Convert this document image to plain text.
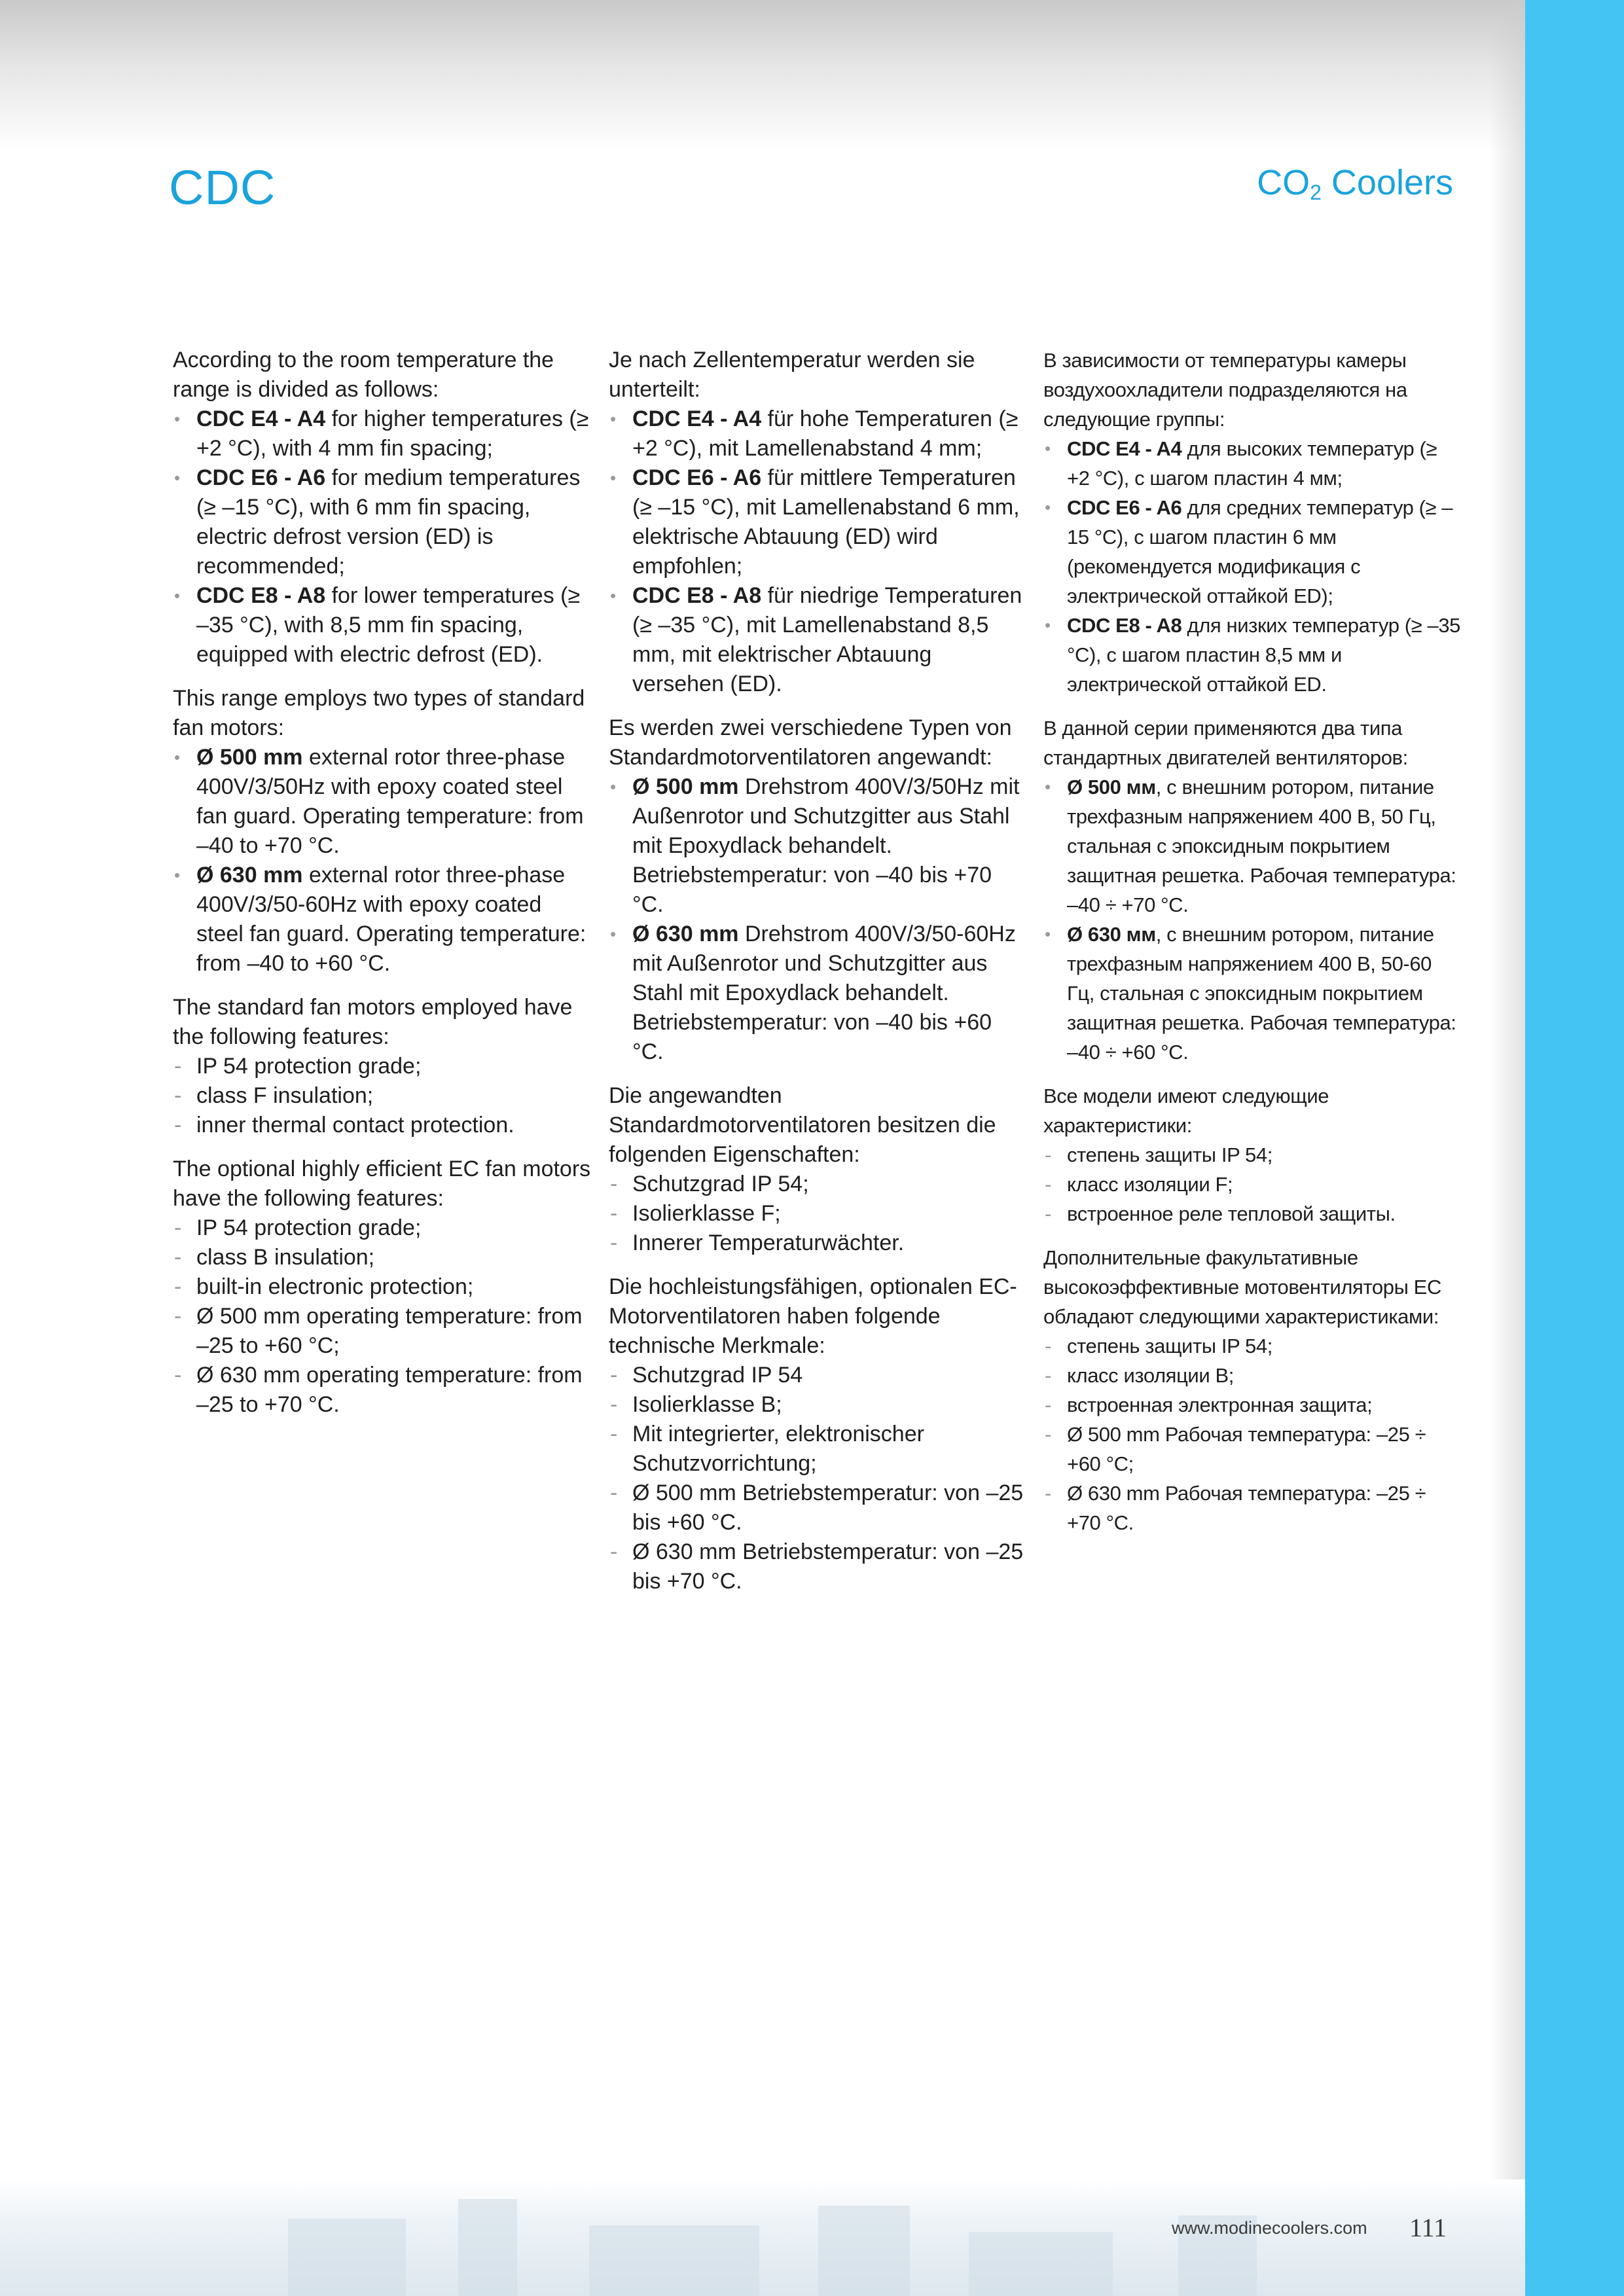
CDC	$CO_2$ Coolers

According to the room temperature the range is divided as follows:

• CDC E4 - A4 for higher temperatures (≥ +2 °C), with 4 mm fin spacing;
• CDC E6 - A6 for medium temperatures (≥ –15 °C), with 6 mm fin spacing, electric defrost version (ED) is recommended;
• CDC E8 - A8 for lower temperatures (≥ –35 °C), with 8,5 mm fin spacing, equipped with electric defrost (ED).

This range employs two types of standard fan motors:

• Ø 500 mm external rotor three-phase 400V/3/50Hz with epoxy coated steel fan guard. Operating temperature: from –40 to +70 °C.
• Ø 630 mm external rotor three-phase 400V/3/50-60Hz with epoxy coated steel fan guard. Operating temperature: from –40 to +60 °C.

The standard fan motors employed have the following features:

- IP 54 protection grade;
- class F insulation;
- inner thermal contact protection.

The optional highly efficient EC fan motors have the following features:

- IP 54 protection grade;
- class B insulation;
- built-in electronic protection;
- Ø 500 mm operating temperature: from –25 to +60 °C;
- Ø 630 mm operating temperature: from –25 to +70 °C.

Je nach Zellentemperatur werden sie unterteilt:

• CDC E4 - A4 für hohe Temperaturen (≥ +2 °C), mit Lamellenabstand 4 mm;
• CDC E6 - A6 für mittlere Temperaturen (≥ –15 °C), mit Lamellenabstand 6 mm, elektrische Abtauung (ED) wird empfohlen;
• CDC E8 - A8 für niedrige Temperaturen (≥ –35 °C), mit Lamellenabstand 8,5 mm, mit elektrischer Abtauung versehen (ED).

Es werden zwei verschiedene Typen von Standardmotorventilatoren angewandt:

• Ø 500 mm Drehstrom 400V/3/50Hz mit Außenrotor und Schutzgitter aus Stahl mit Epoxydlack behandelt. Betriebstemperatur: von –40 bis +70 °C.
• Ø 630 mm Drehstrom 400V/3/50-60Hz mit Außenrotor und Schutzgitter aus Stahl mit Epoxydlack behandelt. Betriebstemperatur: von –40 bis +60 °C.

Die angewandten Standardmotorventilatoren besitzen die folgenden Eigenschaften:

- Schutzgrad IP 54;
- Isolierklasse F;
- Innerer Temperaturwächter.

Die hochleistungsfähigen, optionalen EC-Motorventilatoren haben folgende technische Merkmale:

- Schutzgrad IP 54
- Isolierklasse B;
- Mit integrierter, elektronischer Schutzvorrichtung;
- Ø 500 mm Betriebstemperatur: von –25 bis +60 °C.
- Ø 630 mm Betriebstemperatur: von –25 bis +70 °C.

В зависимости от температуры камеры воздухоохладители подразделяются на следующие группы:

• CDC E4 - A4 для высоких температур (≥ +2 °C), с шагом пластин 4 мм;
• CDC E6 - A6 для средних температур (≥ –15 °C), с шагом пластин 6 мм (рекомендуется модификация с электрической оттайкой ED);
• CDC E8 - A8 для низких температур (≥ –35 °C), с шагом пластин 8,5 мм и электрической оттайкой ED.

В данной серии применяются два типа стандартных двигателей вентиляторов:

• Ø 500 мм, с внешним ротором, питание трехфазным напряжением 400 В, 50 Гц, стальная с эпоксидным покрытием защитная решетка. Рабочая температура: –40 ÷ +70 °C.
• Ø 630 мм, с внешним ротором, питание трехфазным напряжением 400 В, 50-60 Гц, стальная с эпоксидным покрытием защитная решетка. Рабочая температура: –40 ÷ +60 °C.

Все модели имеют следующие характеристики:

- степень защиты IP 54;
- класс изоляции F;
- встроенное реле тепловой защиты.

Дополнительные факультативные высокоэффективные мотовентиляторы ЕС обладают следующими характеристиками:

- степень защиты IP 54;
- класс изоляции B;
- встроенная электронная защита;
- Ø 500 mm Рабочая температура: –25 ÷ +60 °C;
- Ø 630 mm Рабочая температура: –25 ÷ +70 °C.
www.modinecoolers.com 111
